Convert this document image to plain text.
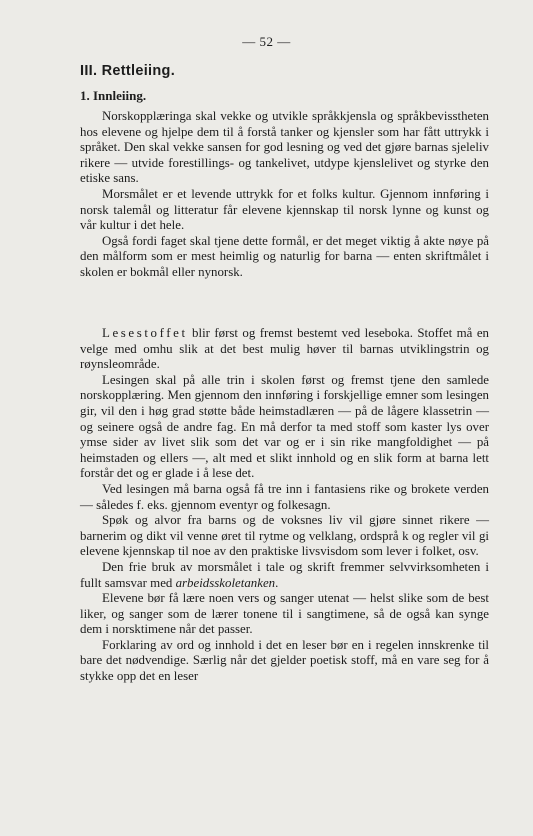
— 52 —
III. Rettleiing.
1. Innleiing.

Norskopplæringa skal vekke og utvikle språkkjensla og språkbevisstheten hos elevene og hjelpe dem til å forstå tanker og kjensler som har fått uttrykk i språket. Den skal vekke sansen for god lesning og ved det gjøre barnas sjeleliv rikere — utvide forestillings- og tankelivet, utdype kjenslelivet og styrke den etiske sans.

Morsmålet er et levende uttrykk for et folks kultur. Gjennom innføring i norsk talemål og litteratur får elevene kjennskap til norsk lynne og kunst og vår kultur i det hele.

Også fordi faget skal tjene dette formål, er det meget viktig å akte nøye på den målform som er mest heimlig og naturlig for barna — enten skriftmålet i skolen er bokmål eller nynorsk.

Lesestoffet blir først og fremst bestemt ved leseboka. Stoffet må en velge med omhu slik at det best mulig høver til barnas utviklingstrin og røynsleområde.

Lesingen skal på alle trin i skolen først og fremst tjene den samlede norskopplæring. Men gjennom den innføring i forskjellige emner som lesingen gir, vil den i høg grad støtte både heimstadlæren — på de lågere klassetrin — og seinere også de andre fag. En må derfor ta med stoff som kaster lys over ymse sider av livet slik som det var og er i sin rike mangfoldighet — på heimstaden og ellers —, alt med et slikt innhold og en slik form at barna lett forstår det og er glade i å lese det.

Ved lesingen må barna også få tre inn i fantasiens rike og brokete verden — således f. eks. gjennom eventyr og folkesagn.

Spøk og alvor fra barns og de voksnes liv vil gjøre sinnet rikere — barnerim og dikt vil venne øret til rytme og velklang, ordsprå k og regler vil gi elevene kjennskap til noe av den praktiske livsvisdom som lever i folket, osv.

Den frie bruk av morsmålet i tale og skrift fremmer selvvirksomheten i fullt samsvar med arbeidsskoletanken.

Elevene bør få lære noen vers og sanger utenat — helst slike som de best liker, og sanger som de lærer tonene til i sangtimene, så de også kan synge dem i norsktimene når det passer.

Forklaring av ord og innhold i det en leser bør en i regelen innskrenke til bare det nødvendige. Særlig når det gjelder poetisk stoff, må en vare seg for å stykke opp det en leser
